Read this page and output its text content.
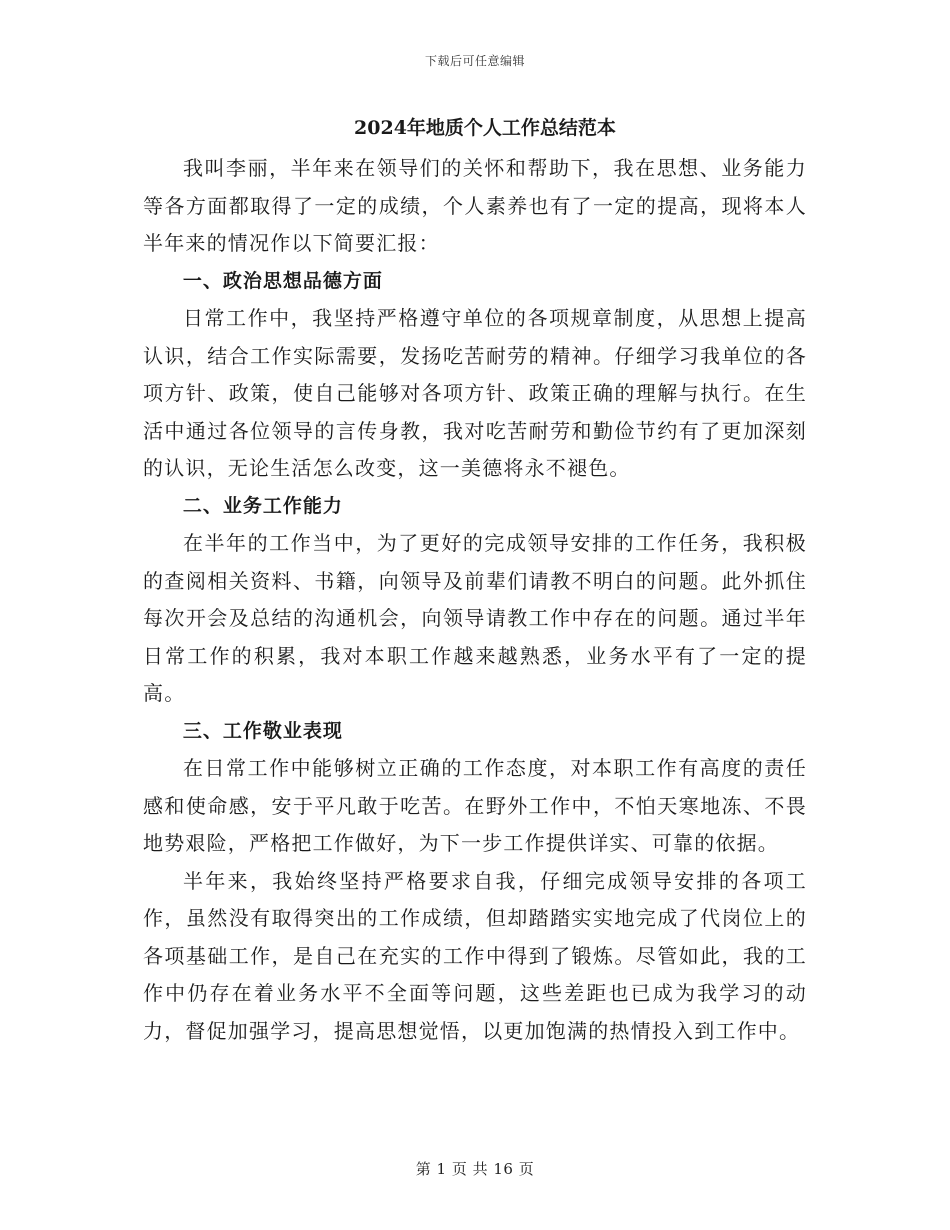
下载后可任意编辑
2024年地质个人工作总结范本

我叫李丽，半年来在领导们的关怀和帮助下，我在思想、业务能力等各方面都取得了一定的成绩，个人素养也有了一定的提高，现将本人半年来的情况作以下简要汇报：

一、政治思想品德方面

日常工作中，我坚持严格遵守单位的各项规章制度，从思想上提高认识，结合工作实际需要，发扬吃苦耐劳的精神。仔细学习我单位的各项方针、政策，使自己能够对各项方针、政策正确的理解与执行。在生活中通过各位领导的言传身教，我对吃苦耐劳和勤俭节约有了更加深刻的认识，无论生活怎么改变，这一美德将永不褪色。

二、业务工作能力

在半年的工作当中，为了更好的完成领导安排的工作任务，我积极的查阅相关资料、书籍，向领导及前辈们请教不明白的问题。此外抓住每次开会及总结的沟通机会，向领导请教工作中存在的问题。通过半年日常工作的积累，我对本职工作越来越熟悉，业务水平有了一定的提高。

三、工作敬业表现

在日常工作中能够树立正确的工作态度，对本职工作有高度的责任感和使命感，安于平凡敢于吃苦。在野外工作中，不怕天寒地冻、不畏地势艰险，严格把工作做好，为下一步工作提供详实、可靠的依据。

半年来，我始终坚持严格要求自我，仔细完成领导安排的各项工作，虽然没有取得突出的工作成绩，但却踏踏实实地完成了代岗位上的各项基础工作，是自己在充实的工作中得到了锻炼。尽管如此，我的工作中仍存在着业务水平不全面等问题，这些差距也已成为我学习的动力，督促加强学习，提高思想觉悟，以更加饱满的热情投入到工作中。

第 1 页 共 16 页
